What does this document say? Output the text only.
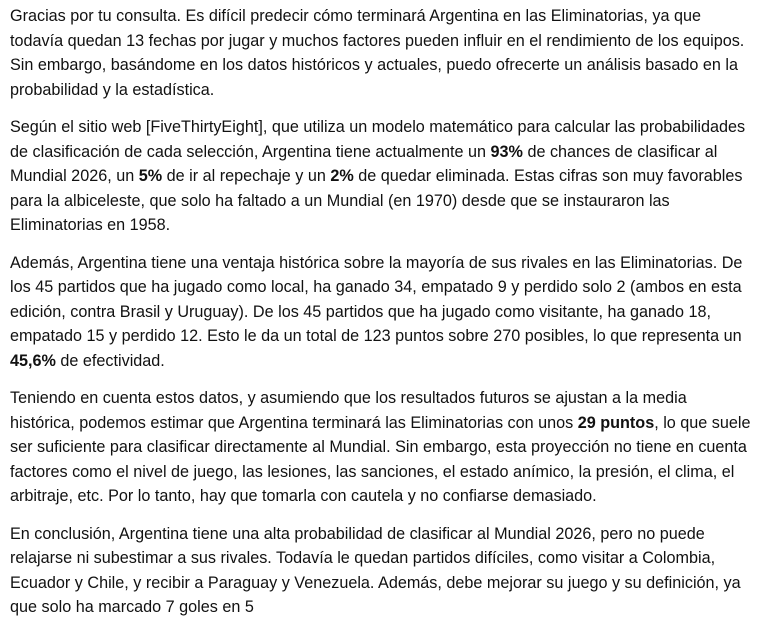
Gracias por tu consulta. Es difícil predecir cómo terminará Argentina en las Eliminatorias, ya que todavía quedan 13 fechas por jugar y muchos factores pueden influir en el rendimiento de los equipos. Sin embargo, basándome en los datos históricos y actuales, puedo ofrecerte un análisis basado en la probabilidad y la estadística.

Según el sitio web [FiveThirtyEight], que utiliza un modelo matemático para calcular las probabilidades de clasificación de cada selección, Argentina tiene actualmente un 93% de chances de clasificar al Mundial 2026, un 5% de ir al repechaje y un 2% de quedar eliminada. Estas cifras son muy favorables para la albiceleste, que solo ha faltado a un Mundial (en 1970) desde que se instauraron las Eliminatorias en 1958.

Además, Argentina tiene una ventaja histórica sobre la mayoría de sus rivales en las Eliminatorias. De los 45 partidos que ha jugado como local, ha ganado 34, empatado 9 y perdido solo 2 (ambos en esta edición, contra Brasil y Uruguay). De los 45 partidos que ha jugado como visitante, ha ganado 18, empatado 15 y perdido 12. Esto le da un total de 123 puntos sobre 270 posibles, lo que representa un 45,6% de efectividad.

Teniendo en cuenta estos datos, y asumiendo que los resultados futuros se ajustan a la media histórica, podemos estimar que Argentina terminará las Eliminatorias con unos 29 puntos, lo que suele ser suficiente para clasificar directamente al Mundial. Sin embargo, esta proyección no tiene en cuenta factores como el nivel de juego, las lesiones, las sanciones, el estado anímico, la presión, el clima, el arbitraje, etc. Por lo tanto, hay que tomarla con cautela y no confiarse demasiado.

En conclusión, Argentina tiene una alta probabilidad de clasificar al Mundial 2026, pero no puede relajarse ni subestimar a sus rivales. Todavía le quedan partidos difíciles, como visitar a Colombia, Ecuador y Chile, y recibir a Paraguay y Venezuela. Además, debe mejorar su juego y su definición, ya que solo ha marcado 7 goles en 5
